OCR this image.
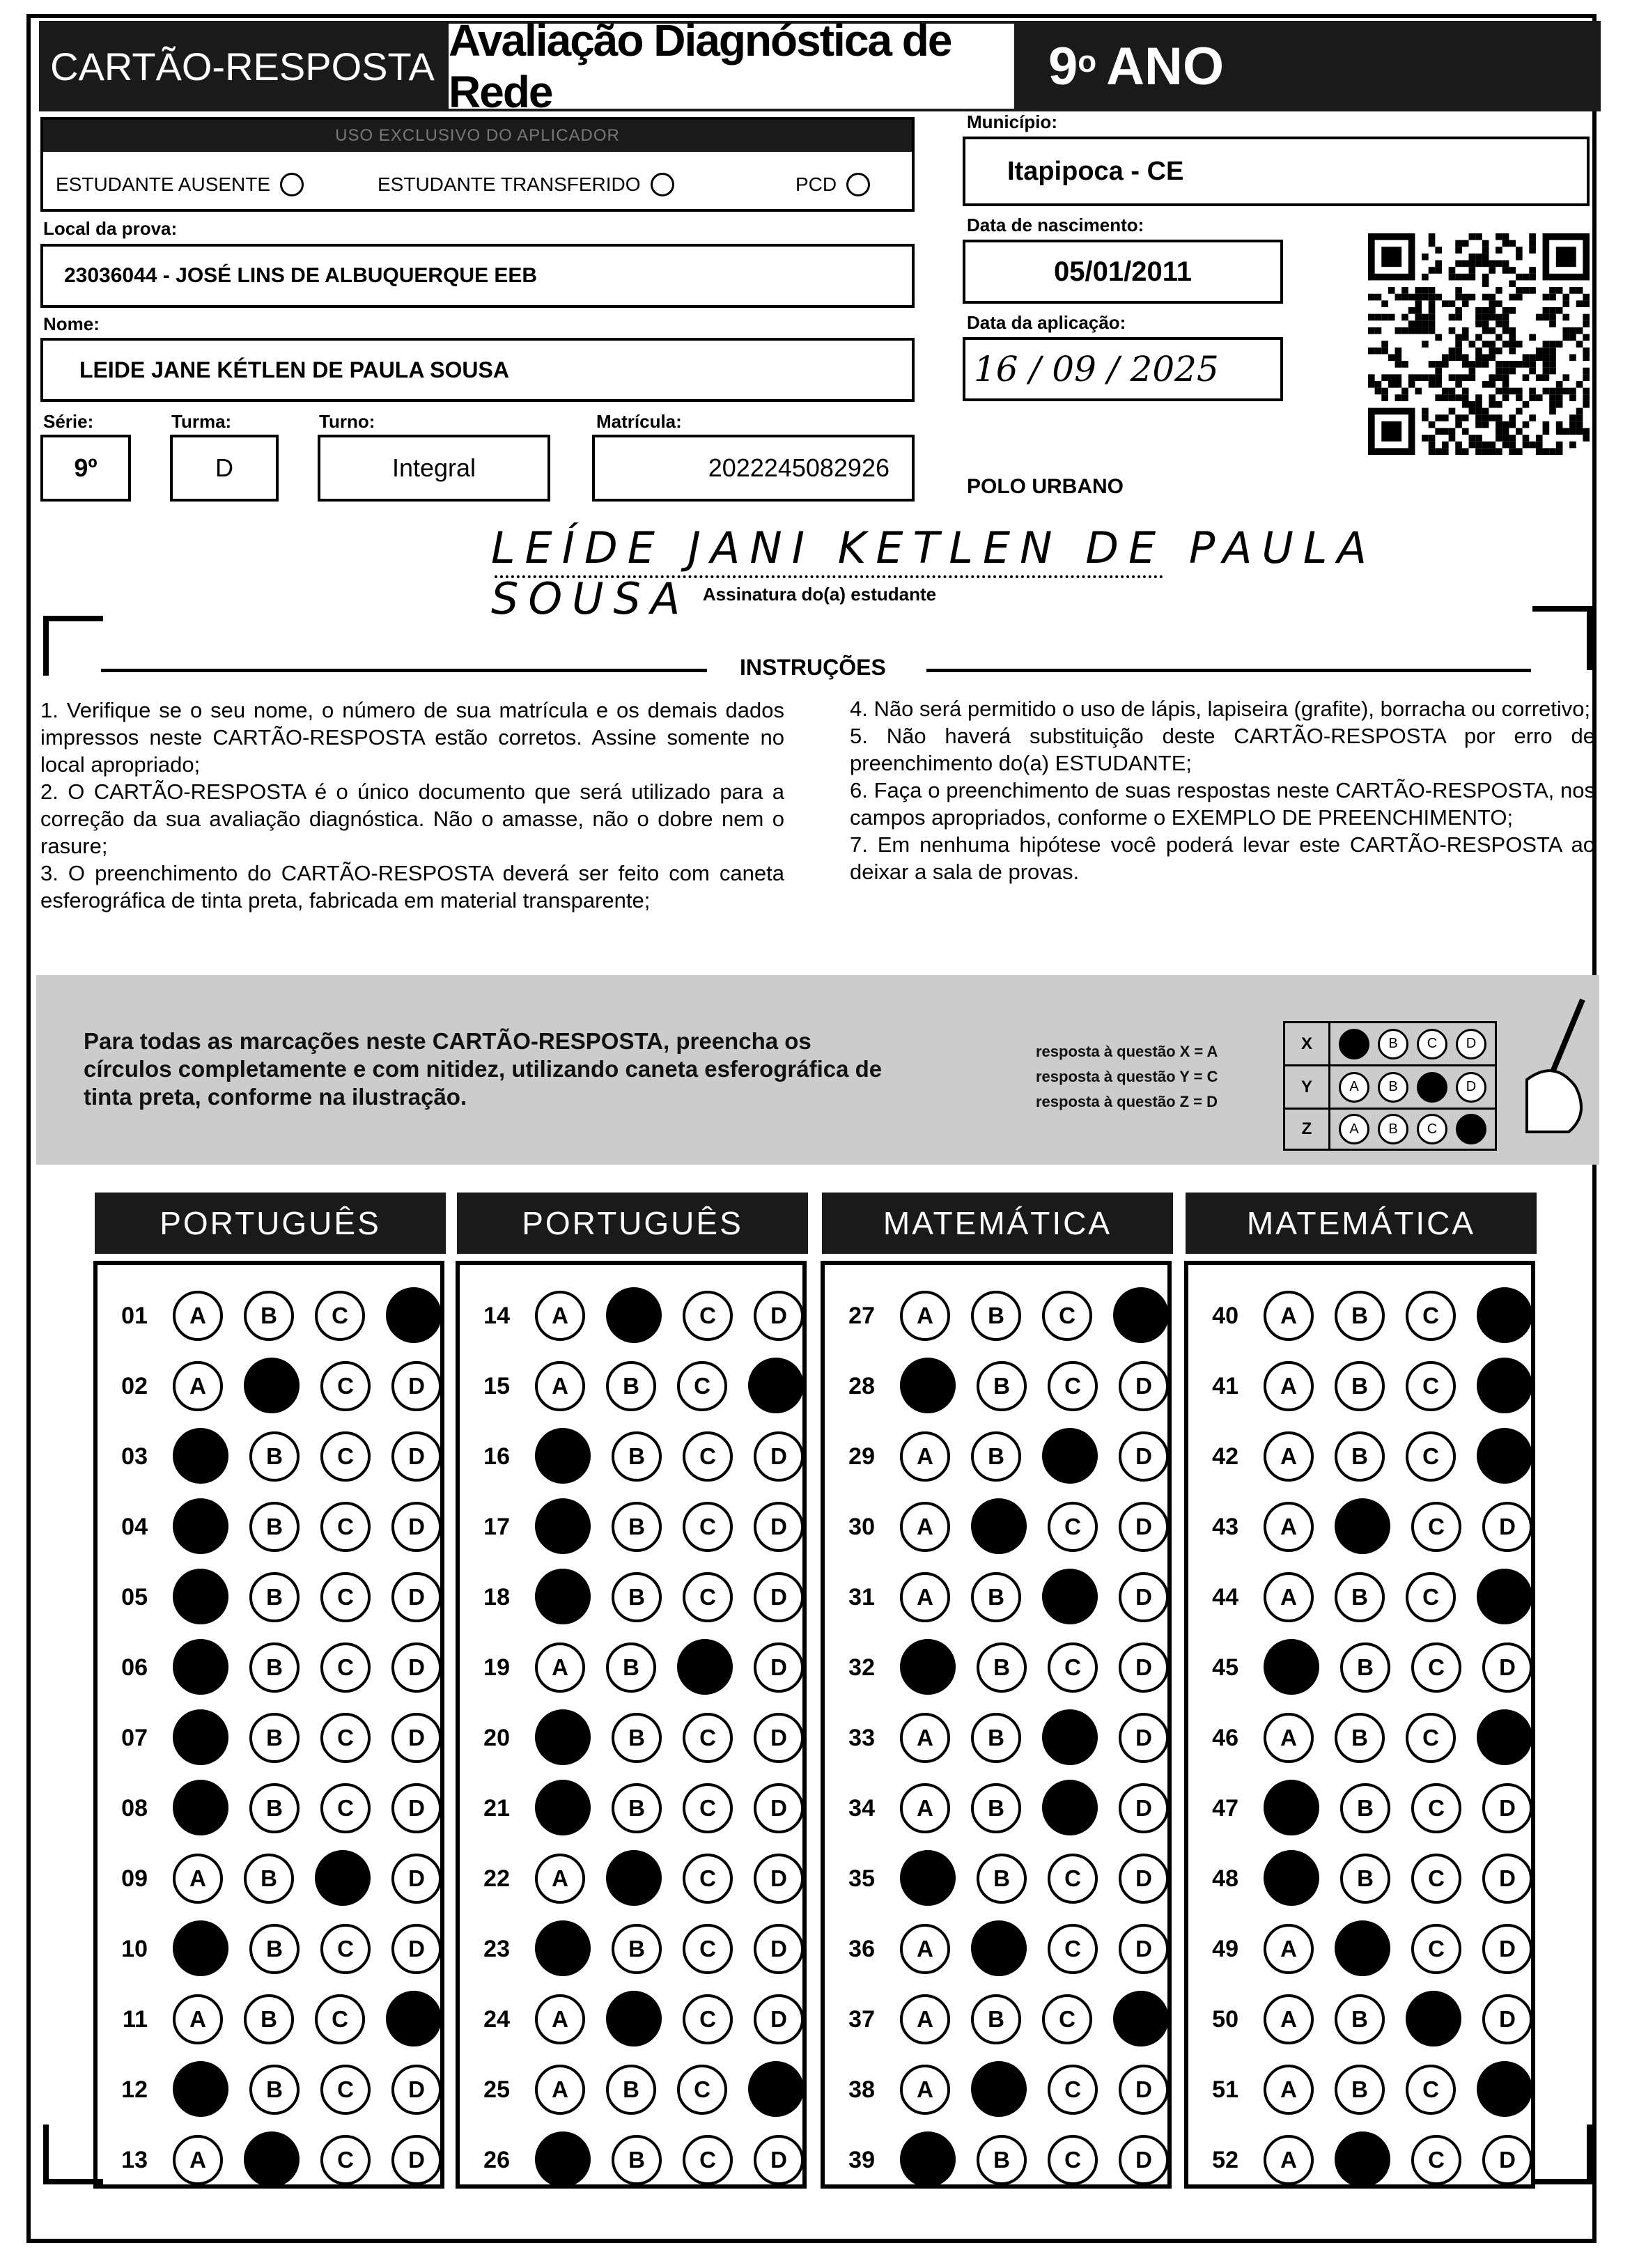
CARTÃO-RESPOSTA
Avaliação Diagnóstica de Rede	9$^o$ ANO
USO EXCLUSIVO DO APLICADOR
ESTUDANTE AUSENTE	ESTUDANTE TRANSFERIDO	PCD
Local da prova:
23036044 - JOSÉ LINS DE ALBUQUERQUE EEB
Nome:
LEIDE JANE KÉTLEN DE PAULA SOUSA
Série:
9º
Turma:
D
Turno:
Integral
Matrícula:
2022245082926
Município:
Itapipoca - CE
Data de nascimento:
05/01/2011
Data da aplicação:
16 / 09 / 2025
POLO URBANO
LEÍDE JANI KETLEN DE PAULA SOUSA Assinatura do(a) estudante
INSTRUÇÕES

1. Verifique se o seu nome, o número de sua matrícula e os demais dados impressos neste CARTÃO-RESPOSTA estão corretos. Assine somente no local apropriado;

2. O CARTÃO-RESPOSTA é o único documento que será utilizado para a correção da sua avaliação diagnóstica. Não o amasse, não o dobre nem o rasure;

3. O preenchimento do CARTÃO-RESPOSTA deverá ser feito com caneta esferográfica de tinta preta, fabricada em material transparente;

4. Não será permitido o uso de lápis, lapiseira (grafite), borracha ou corretivo;

5. Não haverá substituição deste CARTÃO-RESPOSTA por erro de preenchimento do(a) ESTUDANTE;

6. Faça o preenchimento de suas respostas neste CARTÃO-RESPOSTA, nos campos apropriados, conforme o EXEMPLO DE PREENCHIMENTO;

7. Em nenhuma hipótese você poderá levar este CARTÃO-RESPOSTA ao deixar a sala de provas.

Para todas as marcações neste CARTÃO-RESPOSTA, preencha os círculos completamente e com nitidez, utilizando caneta esferográfica de tinta preta, conforme na ilustração.
resposta à questão X = A
resposta à questão Y = C
resposta à questão Z = D
X	B	C	D
Y	A	B	D
Z	A	B	C
PORTUGUÊS
01	A	B	C
02	A	C	D
03	B	C	D
04	B	C	D
05	B	C	D
06	B	C	D
07	B	C	D
08	B	C	D
09	A	B	D
10	B	C	D
11	A	B	C
12	B	C	D
13	A	C	D
PORTUGUÊS
14	A	C	D
15	A	B	C
16	B	C	D
17	B	C	D
18	B	C	D
19	A	B	D
20	B	C	D
21	B	C	D
22	A	C	D
23	B	C	D
24	A	C	D
25	A	B	C
26	B	C	D
MATEMÁTICA
27	A	B	C
28	B	C	D
29	A	B	D
30	A	C	D
31	A	B	D
32	B	C	D
33	A	B	D
34	A	B	D
35	B	C	D
36	A	C	D
37	A	B	C
38	A	C	D
39	B	C	D
MATEMÁTICA
40	A	B	C
41	A	B	C
42	A	B	C
43	A	C	D
44	A	B	C
45	B	C	D
46	A	B	C
47	B	C	D
48	B	C	D
49	A	C	D
50	A	B	D
51	A	B	C
52	A	C	D
